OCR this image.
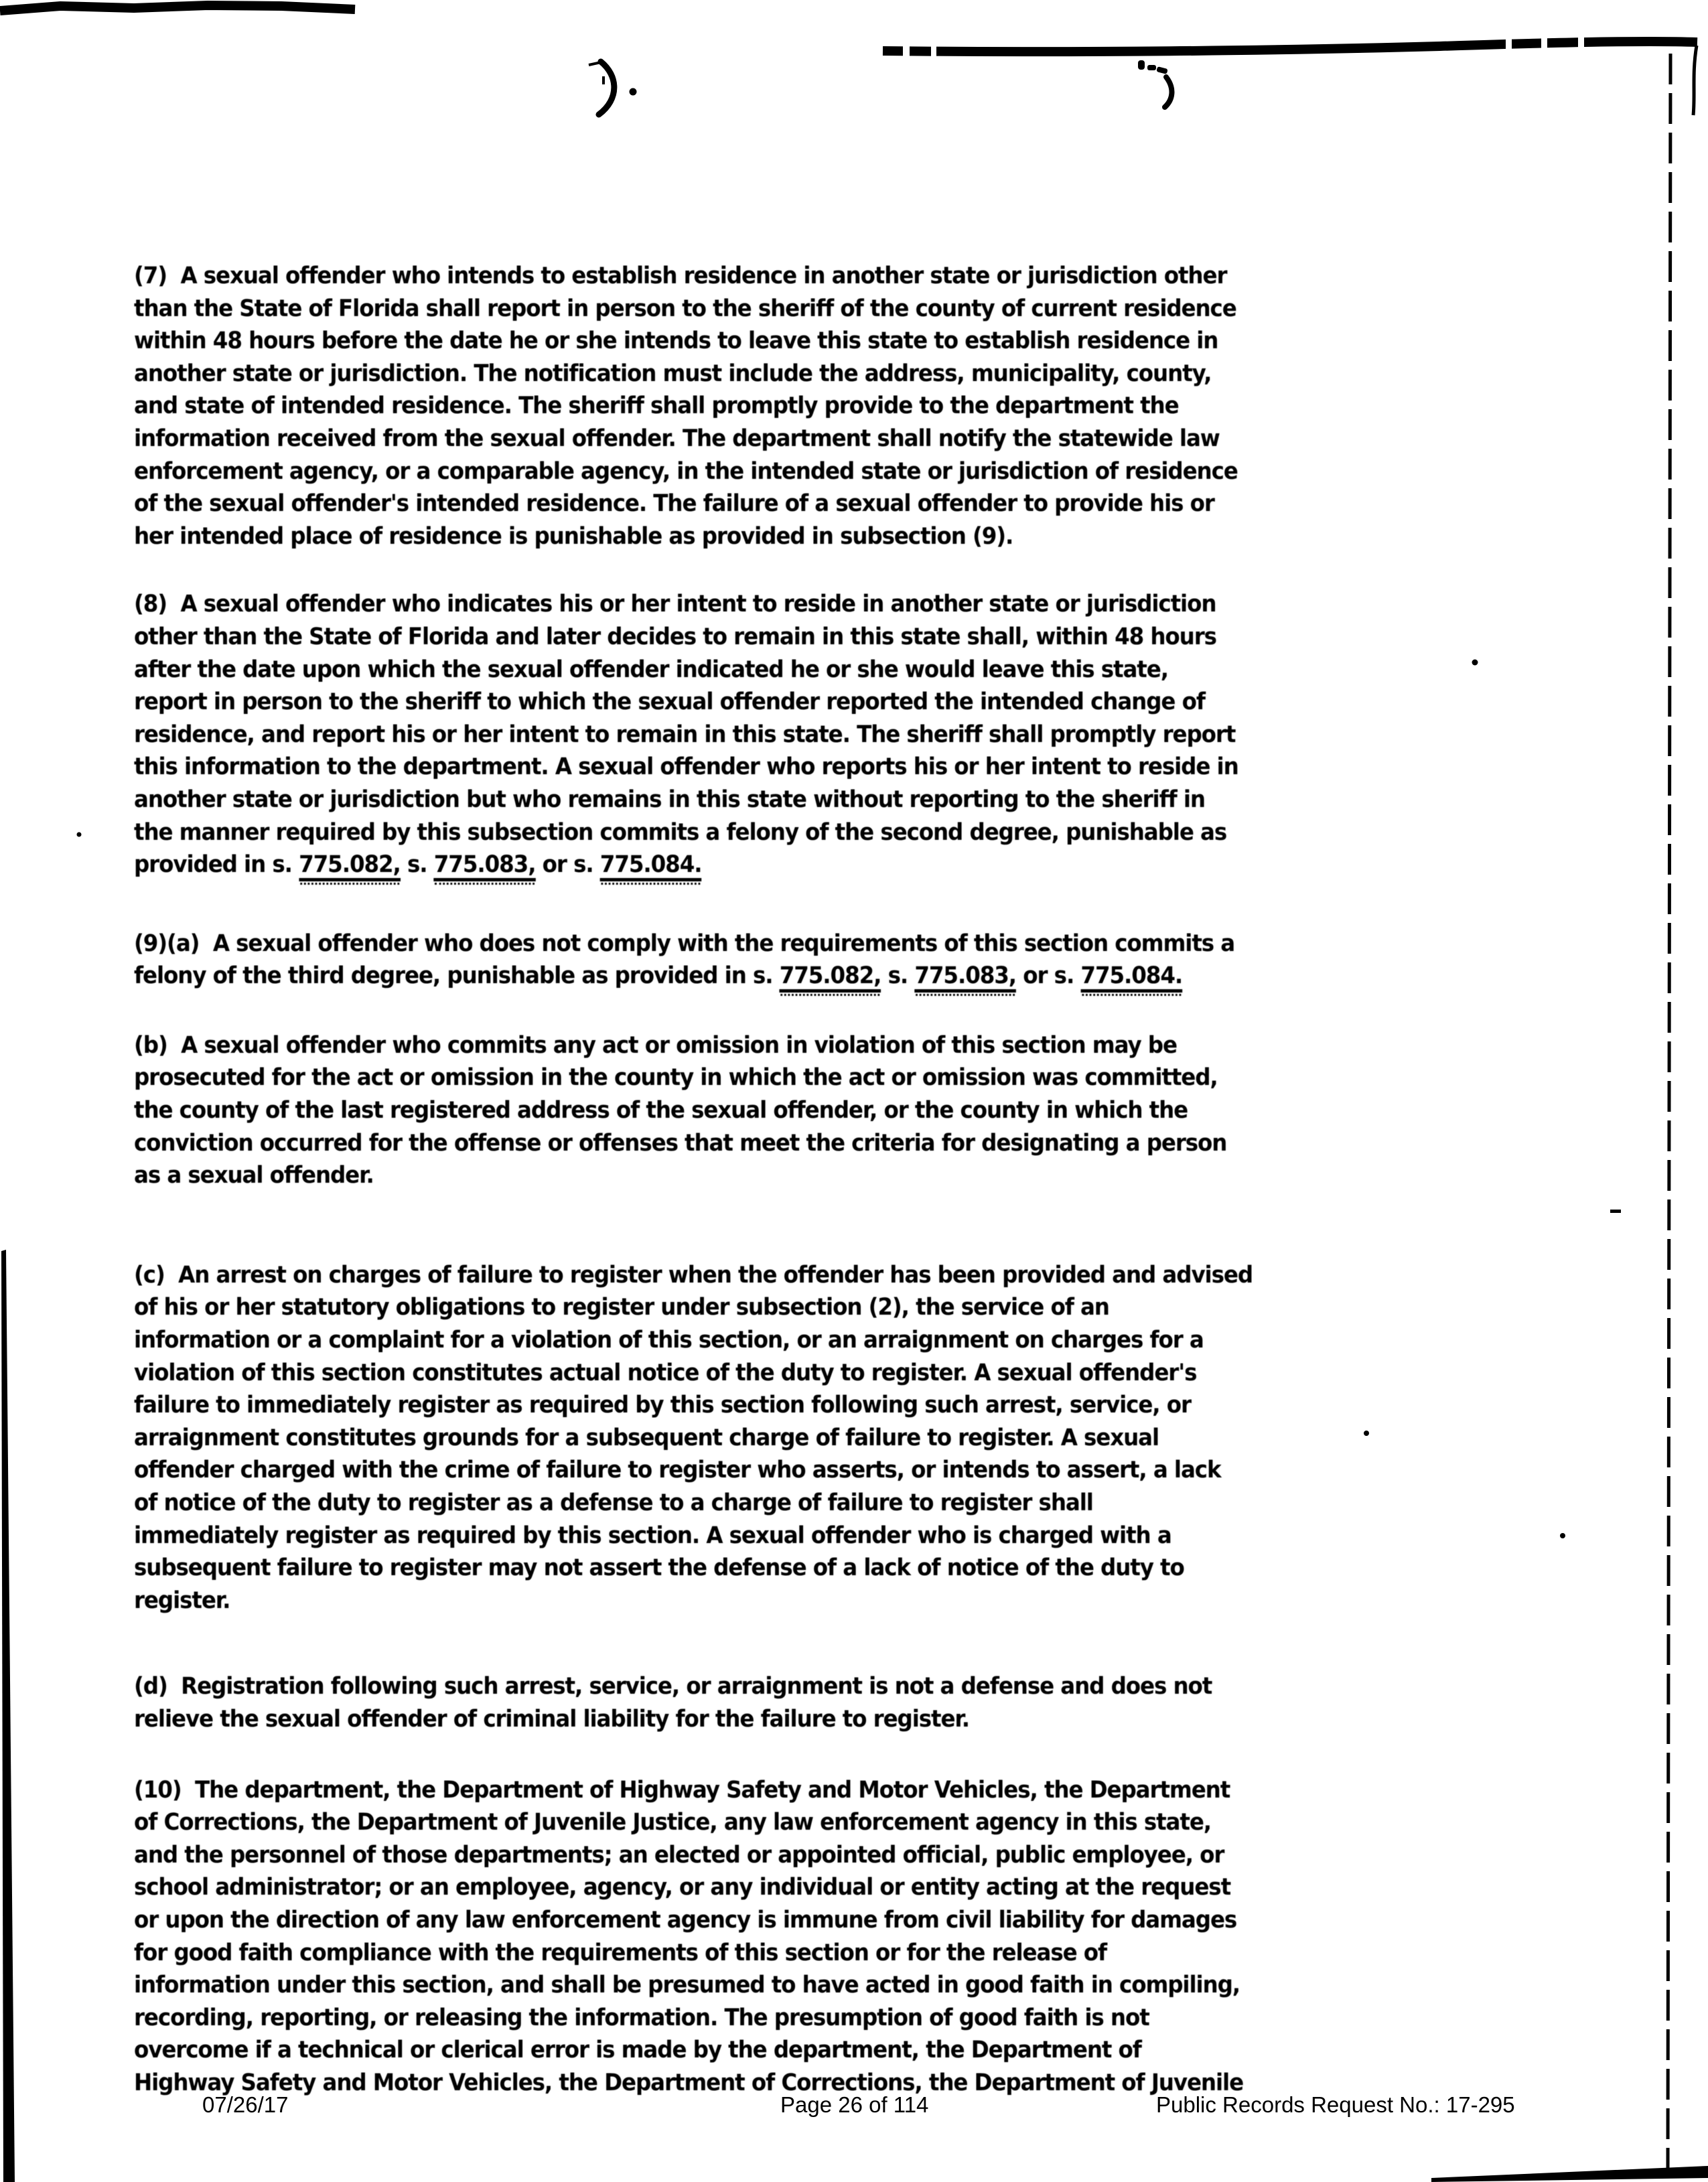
(7)  A sexual offender who intends to establish residence in another state or jurisdiction other
than the State of Florida shall report in person to the sheriff of the county of current residence
within 48 hours before the date he or she intends to leave this state to establish residence in
another state or jurisdiction. The notification must include the address, municipality, county,
and state of intended residence. The sheriff shall promptly provide to the department the
information received from the sexual offender. The department shall notify the statewide law
enforcement agency, or a comparable agency, in the intended state or jurisdiction of residence
of the sexual offender's intended residence. The failure of a sexual offender to provide his or
her intended place of residence is punishable as provided in subsection (9).
(8)  A sexual offender who indicates his or her intent to reside in another state or jurisdiction
other than the State of Florida and later decides to remain in this state shall, within 48 hours
after the date upon which the sexual offender indicated he or she would leave this state,
report in person to the sheriff to which the sexual offender reported the intended change of
residence, and report his or her intent to remain in this state. The sheriff shall promptly report
this information to the department. A sexual offender who reports his or her intent to reside in
another state or jurisdiction but who remains in this state without reporting to the sheriff in
the manner required by this subsection commits a felony of the second degree, punishable as
provided in s. 775.082, s. 775.083, or s. 775.084.
(9)(a)  A sexual offender who does not comply with the requirements of this section commits a
felony of the third degree, punishable as provided in s. 775.082, s. 775.083, or s. 775.084.
(b)  A sexual offender who commits any act or omission in violation of this section may be
prosecuted for the act or omission in the county in which the act or omission was committed,
the county of the last registered address of the sexual offender, or the county in which the
conviction occurred for the offense or offenses that meet the criteria for designating a person
as a sexual offender.
(c)  An arrest on charges of failure to register when the offender has been provided and advised
of his or her statutory obligations to register under subsection (2), the service of an
information or a complaint for a violation of this section, or an arraignment on charges for a
violation of this section constitutes actual notice of the duty to register. A sexual offender's
failure to immediately register as required by this section following such arrest, service, or
arraignment constitutes grounds for a subsequent charge of failure to register. A sexual
offender charged with the crime of failure to register who asserts, or intends to assert, a lack
of notice of the duty to register as a defense to a charge of failure to register shall
immediately register as required by this section. A sexual offender who is charged with a
subsequent failure to register may not assert the defense of a lack of notice of the duty to
register.
(d)  Registration following such arrest, service, or arraignment is not a defense and does not
relieve the sexual offender of criminal liability for the failure to register.
(10)  The department, the Department of Highway Safety and Motor Vehicles, the Department
of Corrections, the Department of Juvenile Justice, any law enforcement agency in this state,
and the personnel of those departments; an elected or appointed official, public employee, or
school administrator; or an employee, agency, or any individual or entity acting at the request
or upon the direction of any law enforcement agency is immune from civil liability for damages
for good faith compliance with the requirements of this section or for the release of
information under this section, and shall be presumed to have acted in good faith in compiling,
recording, reporting, or releasing the information. The presumption of good faith is not
overcome if a technical or clerical error is made by the department, the Department of
Highway Safety and Motor Vehicles, the Department of Corrections, the Department of Juvenile
07/26/17	Page 26 of 114	Public Records Request No.: 17-295
